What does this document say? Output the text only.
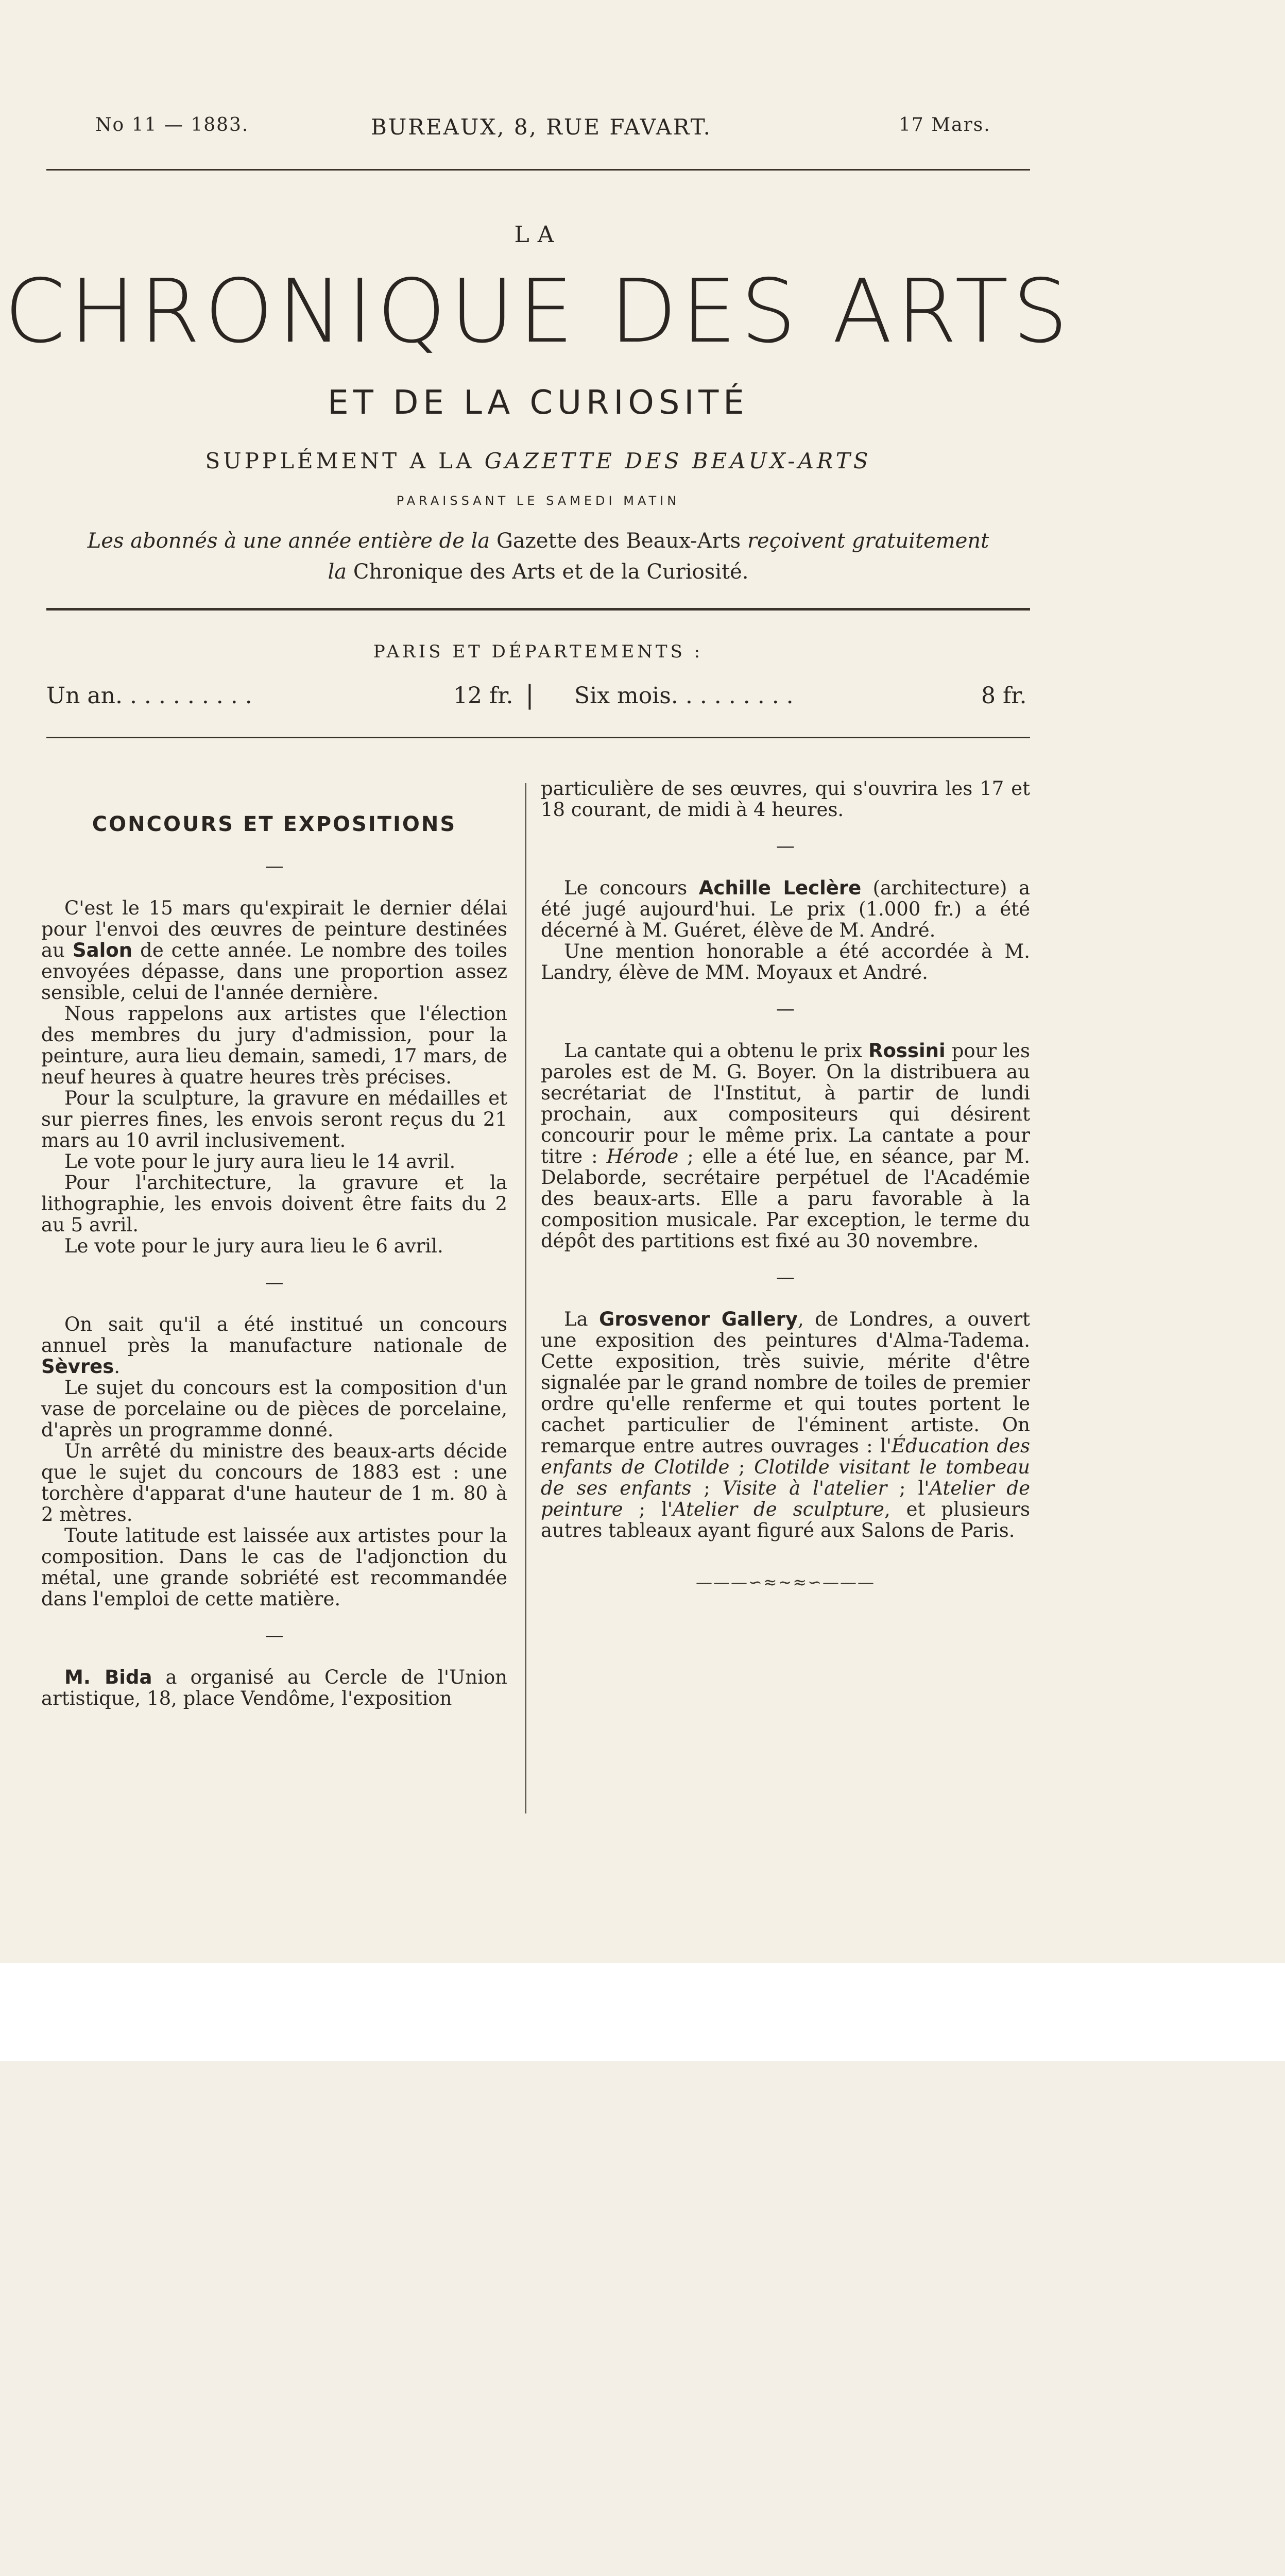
No 11 — 1883.	BUREAUX, 8, RUE FAVART.	17 Mars.
LA
CHRONIQUE DES ARTS
ET DE LA CURIOSITÉ
SUPPLÉMENT A LA GAZETTE DES BEAUX-ARTS
PARAISSANT LE SAMEDI MATIN
Les abonnés à une année entière de la Gazette des Beaux-Arts reçoivent gratuitement
la Chronique des Arts et de la Curiosité.
PARIS ET DÉPARTEMENTS :
Un an. . . . . . . . . .	12 fr. | Six mois. . . . . . . . .	8 fr.
CONCOURS ET EXPOSITIONS
—

C'est le 15 mars qu'expirait le dernier délai pour l'envoi des œuvres de peinture destinées au Salon de cette année. Le nombre des toiles envoyées dépasse, dans une proportion assez sensible, celui de l'année dernière.

Nous rappelons aux artistes que l'élection des membres du jury d'admission, pour la peinture, aura lieu demain, samedi, 17 mars, de neuf heures à quatre heures très précises.

Pour la sculpture, la gravure en médailles et sur pierres fines, les envois seront reçus du 21 mars au 10 avril inclusivement.

Le vote pour le jury aura lieu le 14 avril.

Pour l'architecture, la gravure et la lithographie, les envois doivent être faits du 2 au 5 avril.

Le vote pour le jury aura lieu le 6 avril.

—

On sait qu'il a été institué un concours annuel près la manufacture nationale de Sèvres.

Le sujet du concours est la composition d'un vase de porcelaine ou de pièces de porcelaine, d'après un programme donné.

Un arrêté du ministre des beaux-arts décide que le sujet du concours de 1883 est : une torchère d'apparat d'une hauteur de 1 m. 80 à 2 mètres.

Toute latitude est laissée aux artistes pour la composition. Dans le cas de l'adjonction du métal, une grande sobriété est recommandée dans l'emploi de cette matière.

—

M. Bida a organisé au Cercle de l'Union artistique, 18, place Vendôme, l'exposition

particulière de ses œuvres, qui s'ouvrira les 17 et 18 courant, de midi à 4 heures.

—

Le concours Achille Leclère (architecture) a été jugé aujourd'hui. Le prix (1.000 fr.) a été décerné à M. Guéret, élève de M. André.

Une mention honorable a été accordée à M. Landry, élève de MM. Moyaux et André.

—

La cantate qui a obtenu le prix Rossini pour les paroles est de M. G. Boyer. On la distribuera au secrétariat de l'Institut, à partir de lundi prochain, aux compositeurs qui désirent concourir pour le même prix. La cantate a pour titre : Hérode ; elle a été lue, en séance, par M. Delaborde, secrétaire perpétuel de l'Académie des beaux-arts. Elle a paru favorable à la composition musicale. Par exception, le terme du dépôt des partitions est fixé au 30 novembre.

—

La Grosvenor Gallery, de Londres, a ouvert une exposition des peintures d'Alma-Tadema. Cette exposition, très suivie, mérite d'être signalée par le grand nombre de toiles de premier ordre qu'elle renferme et qui toutes portent le cachet particulier de l'éminent artiste. On remarque entre autres ouvrages : l'Éducation des enfants de Clotilde ; Clotilde visitant le tombeau de ses enfants ; Visite à l'atelier ; l'Atelier de peinture ; l'Atelier de sculpture, et plusieurs autres tableaux ayant figuré aux Salons de Paris.

———∽≈∼≈∽———
